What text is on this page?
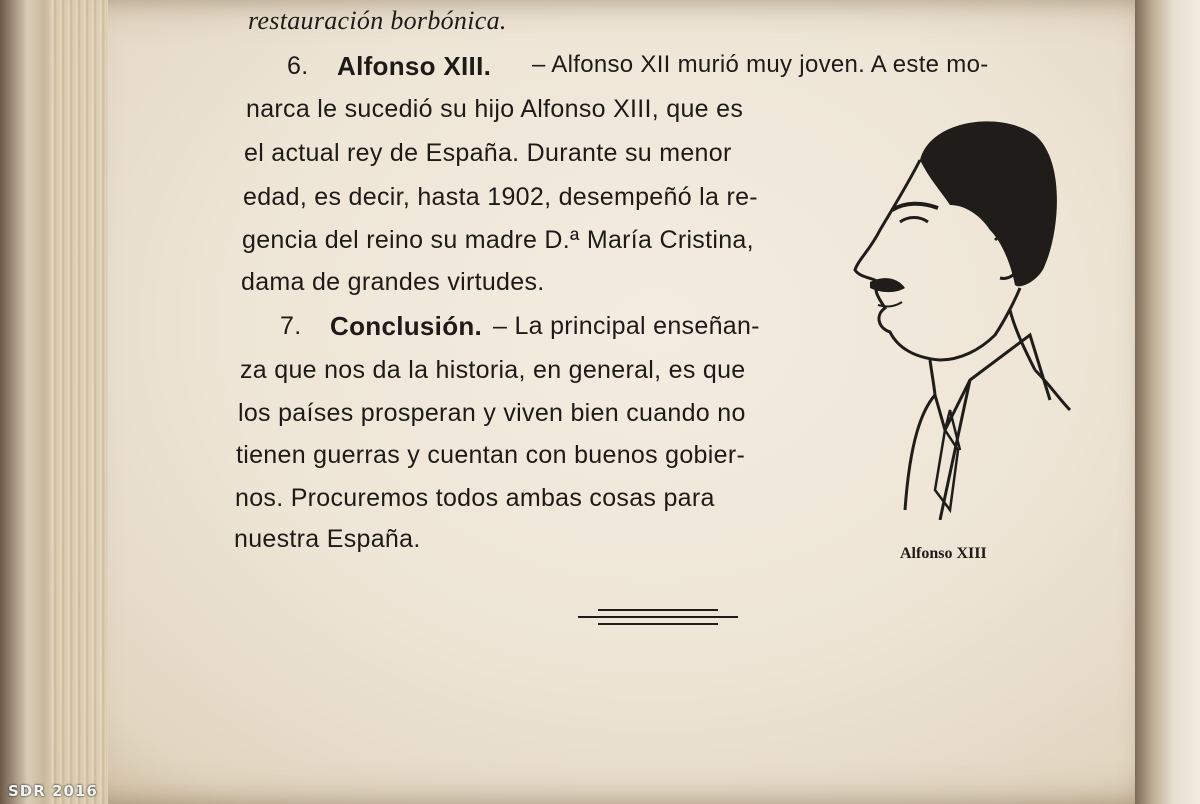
restauración borbónica.
6. Alfonso XIII. – Alfonso XII murió muy joven. A este mo-
narca le sucedió su hijo Alfonso XIII, que es
el actual rey de España. Durante su menor
edad, es decir, hasta 1902, desempeñó la re-
gencia del reino su madre D.ª María Cristina,
dama de grandes virtudes.
7. Conclusión. – La principal enseñan-
za que nos da la historia, en general, es que
los países prosperan y viven bien cuando no
tienen guerras y cuentan con buenos gobier-
nos. Procuremos todos ambas cosas para
nuestra España.
Alfonso XIII
SDR 2016
